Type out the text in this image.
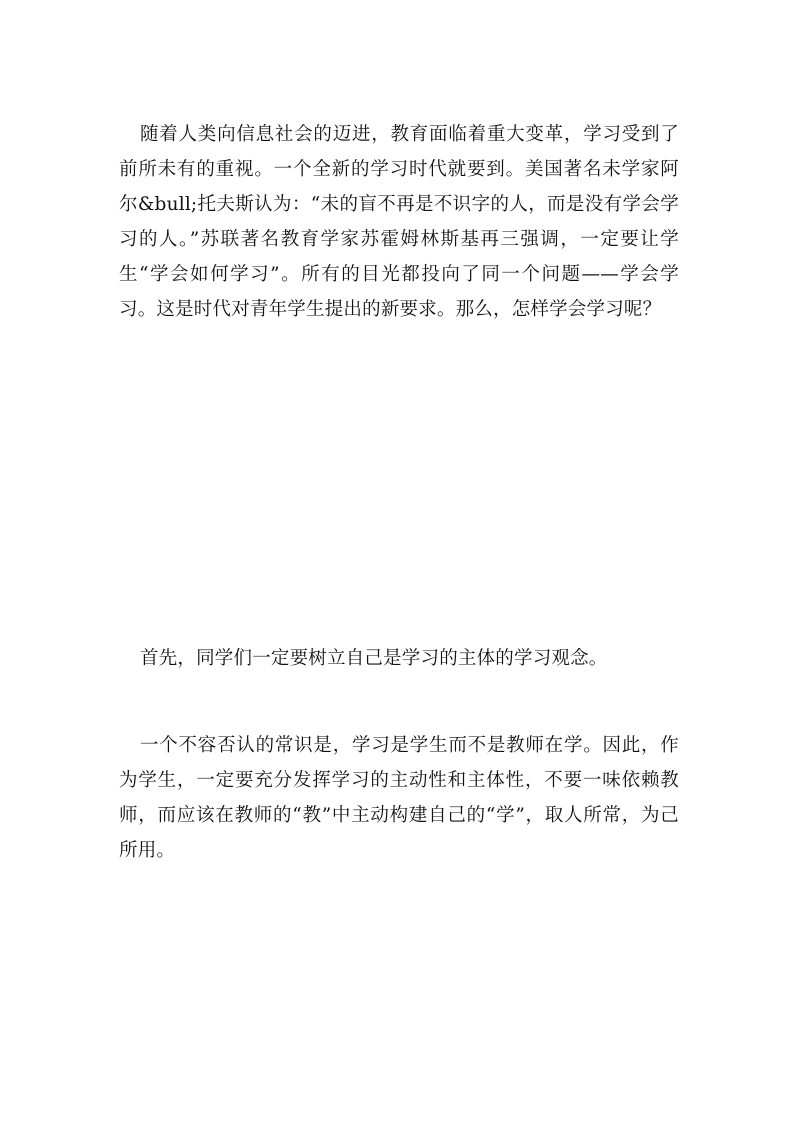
随着人类向信息社会的迈进，教育面临着重大变革，学习受到了前所未有的重视。一个全新的学习时代就要到。美国著名未学家阿尔&bull;托夫斯认为：“未的盲不再是不识字的人，而是没有学会学习的人。”苏联著名教育学家苏霍姆林斯基再三强调，一定要让学生“学会如何学习”。所有的目光都投向了同一个问题——学会学习。这是时代对青年学生提出的新要求。那么，怎样学会学习呢？

首先，同学们一定要树立自己是学习的主体的学习观念。

一个不容否认的常识是，学习是学生而不是教师在学。因此，作为学生，一定要充分发挥学习的主动性和主体性，不要一味依赖教师，而应该在教师的“教”中主动构建自己的“学”，取人所常，为己所用。
